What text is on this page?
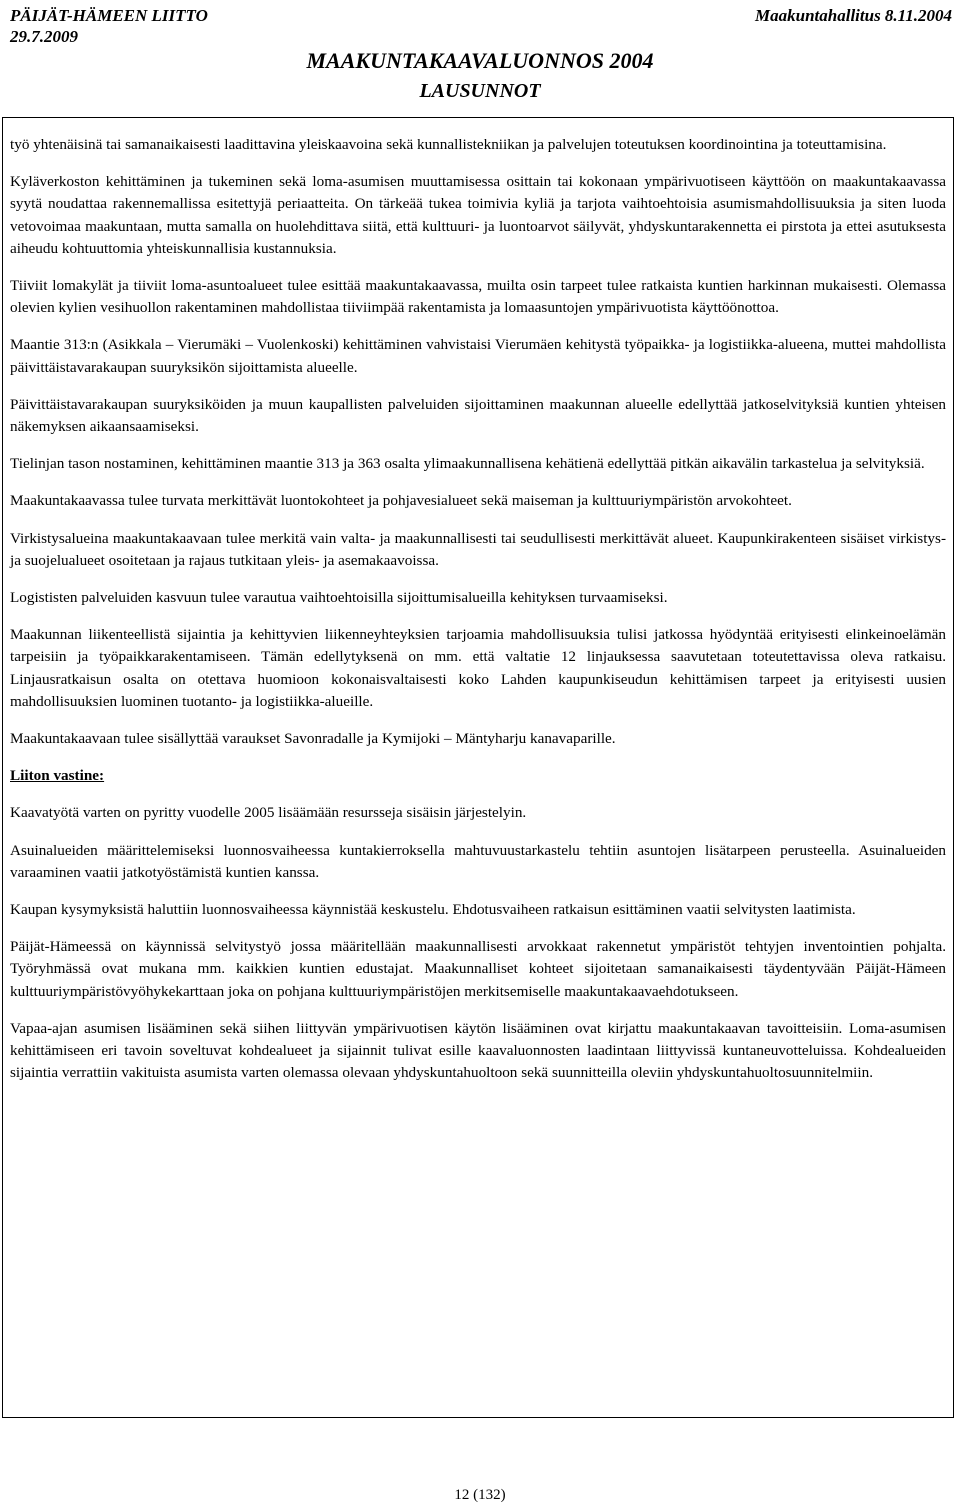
PÄIJÄT-HÄMEEN LIITTO
29.7.2009
Maakuntahallitus 8.11.2004
MAAKUNTAKAAVALUONNOS 2004
LAUSUNNOT

työ yhtenäisinä tai samanaikaisesti laadittavina yleiskaavoina sekä kunnallistekniikan ja palvelujen toteutuksen koordinointina ja toteuttamisina.

Kyläverkoston kehittäminen ja tukeminen sekä loma-asumisen muuttamisessa osittain tai kokonaan ympärivuotiseen käyttöön on maakuntakaavassa syytä noudattaa rakennemallissa esitettyjä periaatteita. On tärkeää tukea toimivia kyliä ja tarjota vaihtoehtoisia asumismahdollisuuksia ja siten luoda vetovoimaa maakuntaan, mutta samalla on huolehdittava siitä, että kulttuuri- ja luontoarvot säilyvät, yhdyskuntarakennetta ei pirstota ja ettei asutuksesta aiheudu kohtuuttomia yhteiskunnallisia kustannuksia.

Tiiviit lomakylät ja tiiviit loma-asuntoalueet tulee esittää maakuntakaavassa, muilta osin tarpeet tulee ratkaista kuntien harkinnan mukaisesti. Olemassa olevien kylien vesihuollon rakentaminen mahdollistaa tiiviimpää rakentamista ja lomaasuntojen ympärivuotista käyttöönottoa.

Maantie 313:n (Asikkala – Vierumäki – Vuolenkoski) kehittäminen vahvistaisi Vierumäen kehitystä työpaikka- ja logistiikka-alueena, muttei mahdollista päivittäistavarakaupan suuryksikön sijoittamista alueelle.

Päivittäistavarakaupan suuryksiköiden ja muun kaupallisten palveluiden sijoittaminen maakunnan alueelle edellyttää jatkoselvityksiä kuntien yhteisen näkemyksen aikaansaamiseksi.

Tielinjan tason nostaminen, kehittäminen maantie 313 ja 363 osalta ylimaakunnallisena kehätienä edellyttää pitkän aikavälin tarkastelua ja selvityksiä.

Maakuntakaavassa tulee turvata merkittävät luontokohteet ja pohjavesialueet sekä maiseman ja kulttuuriympäristön arvokohteet.

Virkistysalueina maakuntakaavaan tulee merkitä vain valta- ja maakunnallisesti tai seudullisesti merkittävät alueet. Kaupunkirakenteen sisäiset virkistys- ja suojelualueet osoitetaan ja rajaus tutkitaan yleis- ja asemakaavoissa.

Logististen palveluiden kasvuun tulee varautua vaihtoehtoisilla sijoittumisalueilla kehityksen turvaamiseksi.

Maakunnan liikenteellistä sijaintia ja kehittyvien liikenneyhteyksien tarjoamia mahdollisuuksia tulisi jatkossa hyödyntää erityisesti elinkeinoelämän tarpeisiin ja työpaikkarakentamiseen. Tämän edellytyksenä on mm. että valtatie 12 linjauksessa saavutetaan toteutettavissa oleva ratkaisu. Linjausratkaisun osalta on otettava huomioon kokonaisvaltaisesti koko Lahden kaupunkiseudun kehittämisen tarpeet ja erityisesti uusien mahdollisuuksien luominen tuotanto- ja logistiikka-alueille.

Maakuntakaavaan tulee sisällyttää varaukset Savonradalle ja Kymijoki – Mäntyharju kanavaparille.

Liiton vastine:

Kaavatyötä varten on pyritty vuodelle 2005 lisäämään resursseja sisäisin järjestelyin.

Asuinalueiden määrittelemiseksi luonnosvaiheessa kuntakierroksella mahtuvuustarkastelu tehtiin asuntojen lisätarpeen perusteella. Asuinalueiden varaaminen vaatii jatkotyöstämistä kuntien kanssa.

Kaupan kysymyksistä haluttiin luonnosvaiheessa käynnistää keskustelu. Ehdotusvaiheen ratkaisun esittäminen vaatii selvitysten laatimista.

Päijät-Hämeessä on käynnissä selvitystyö jossa määritellään maakunnallisesti arvokkaat rakennetut ympäristöt tehtyjen inventointien pohjalta. Työryhmässä ovat mukana mm. kaikkien kuntien edustajat. Maakunnalliset kohteet sijoitetaan samanaikaisesti täydentyvään Päijät-Hämeen kulttuuriympäristövyöhykekarttaan joka on pohjana kulttuuriympäristöjen merkitsemiselle maakuntakaavaehdotukseen.

Vapaa-ajan asumisen lisääminen sekä siihen liittyvän ympärivuotisen käytön lisääminen ovat kirjattu maakuntakaavan tavoitteisiin. Loma-asumisen kehittämiseen eri tavoin soveltuvat kohdealueet ja sijainnit tulivat esille kaavaluonnosten laadintaan liittyvissä kuntaneuvotteluissa. Kohdealueiden sijaintia verrattiin vakituista asumista varten olemassa olevaan yhdyskuntahuoltoon sekä suunnitteilla oleviin yhdyskuntahuoltosuunnitelmiin.

12 (132)
